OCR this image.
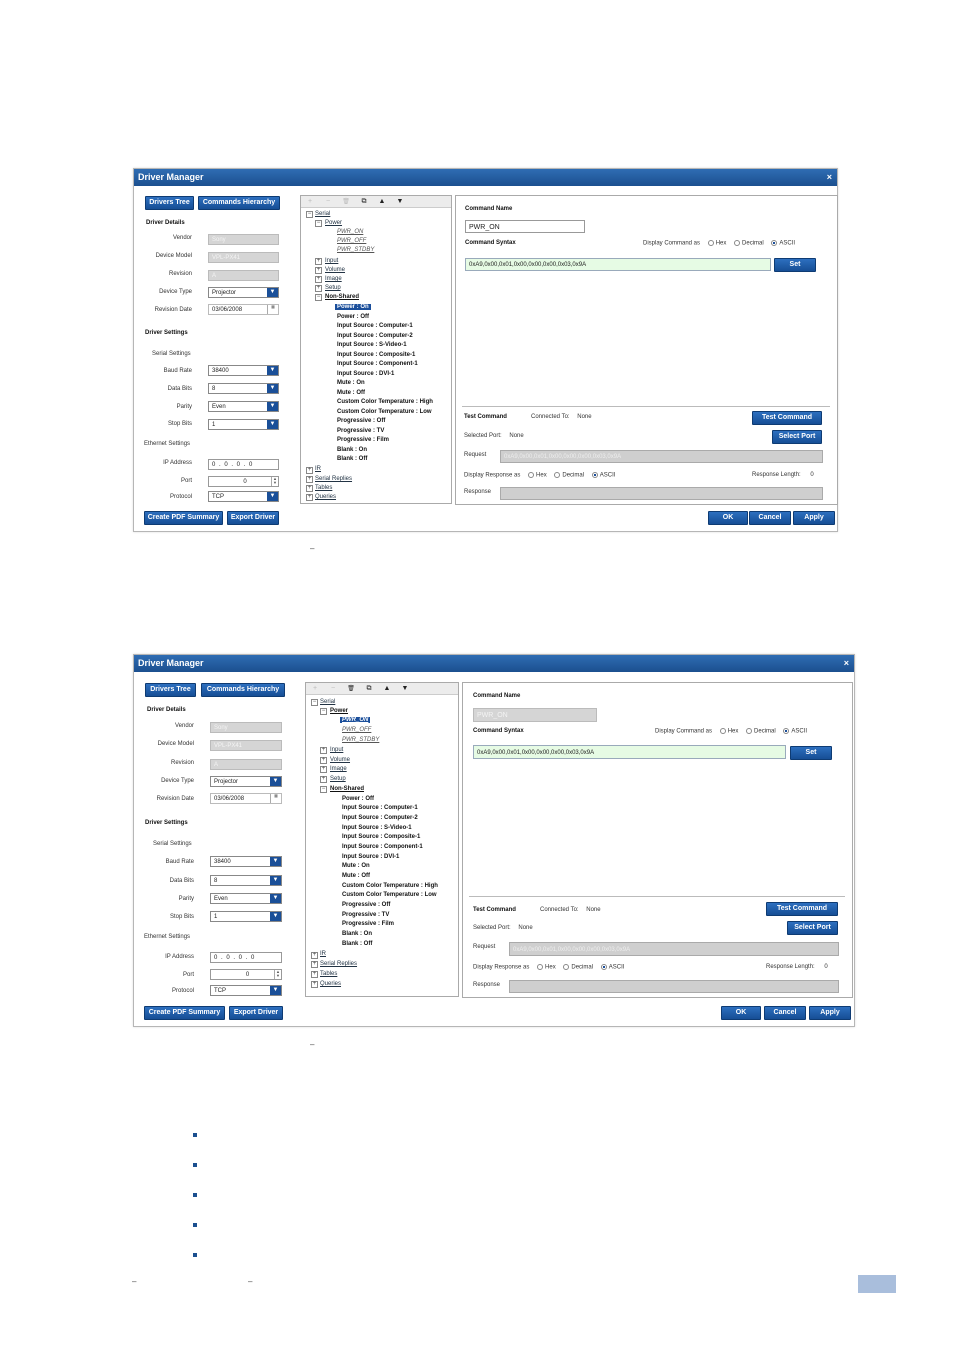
Driver Manager	×
Drivers Tree	Commands Hierarchy
Driver Details
Vendor	Sony
Device Model	VPL-PX41
Revision	A
Device Type	Projector	▼
Revision Date	03/06/2008
▦
Driver Settings
Serial Settings
Baud Rate	38400	▼
Data Bits	8	▼
Parity	Even	▼
Stop Bits	1	▼
Ethernet Settings
IP Address	0 . 0 . 0 . 0
Port	0
▲
▼
Protocol	TCP	▼
Create PDF Summary	Export Driver
+ − 🗑 ⧉ ▲ ▼
− Serial
− Power
PWR_ON
PWR_OFF
PWR_STDBY
+ Input
+ Volume
+ Image
+ Setup
− Non-Shared
Power : On
Power : Off
Input Source : Computer-1
Input Source : Computer-2
Input Source : S-Video-1
Input Source : Composite-1
Input Source : Component-1
Input Source : DVI-1
Mute : On
Mute : Off
Custom Color Temperature : High
Custom Color Temperature : Low
Progressive : Off
Progressive : TV
Progressive : Film
Blank : On
Blank : Off
+ IR
+ Serial Replies
+ Tables
+ Queries
Command Name
PWR_ON
Command Syntax	Display Command as	Hex	Decimal	ASCII
0xA9,0x00,0x01,0x00,0x00,0x00,0x03,0x9A	Set
Test Command	Connected To: None	Test Command
Selected Port: None	Select Port
Request	0xA9,0x00,0x01,0x00,0x00,0x00,0x03,0x9A
Display Response as	Hex	Decimal	ASCII	Response Length: 0
Response
OK	Cancel	Apply
–
Driver Manager	×
Drivers Tree	Commands Hierarchy
Driver Details
Vendor	Sony
Device Model	VPL-PX41
Revision	A
Device Type	Projector	▼
Revision Date	03/06/2008
▦
Driver Settings
Serial Settings
Baud Rate	38400	▼
Data Bits	8	▼
Parity	Even	▼
Stop Bits	1	▼
Ethernet Settings
IP Address	0 . 0 . 0 . 0
Port	0
▲
▼
Protocol	TCP	▼
Create PDF Summary	Export Driver
+ − 🗑 ⧉ ▲ ▼
− Serial
− Power
PWR_ON
PWR_OFF
PWR_STDBY
+ Input
+ Volume
+ Image
+ Setup
− Non-Shared
Power : Off
Input Source : Computer-1
Input Source : Computer-2
Input Source : S-Video-1
Input Source : Composite-1
Input Source : Component-1
Input Source : DVI-1
Mute : On
Mute : Off
Custom Color Temperature : High
Custom Color Temperature : Low
Progressive : Off
Progressive : TV
Progressive : Film
Blank : On
Blank : Off
+ IR
+ Serial Replies
+ Tables
+ Queries
Command Name
PWR_ON
Command Syntax	Display Command as	Hex	Decimal	ASCII
0xA9,0x00,0x01,0x00,0x00,0x00,0x03,0x9A	Set
Test Command	Connected To: None	Test Command
Selected Port: None	Select Port
Request	0xA9,0x00,0x01,0x00,0x00,0x00,0x03,0x9A
Display Response as	Hex	Decimal	ASCII	Response Length: 0
Response
OK	Cancel	Apply
–
–	–
